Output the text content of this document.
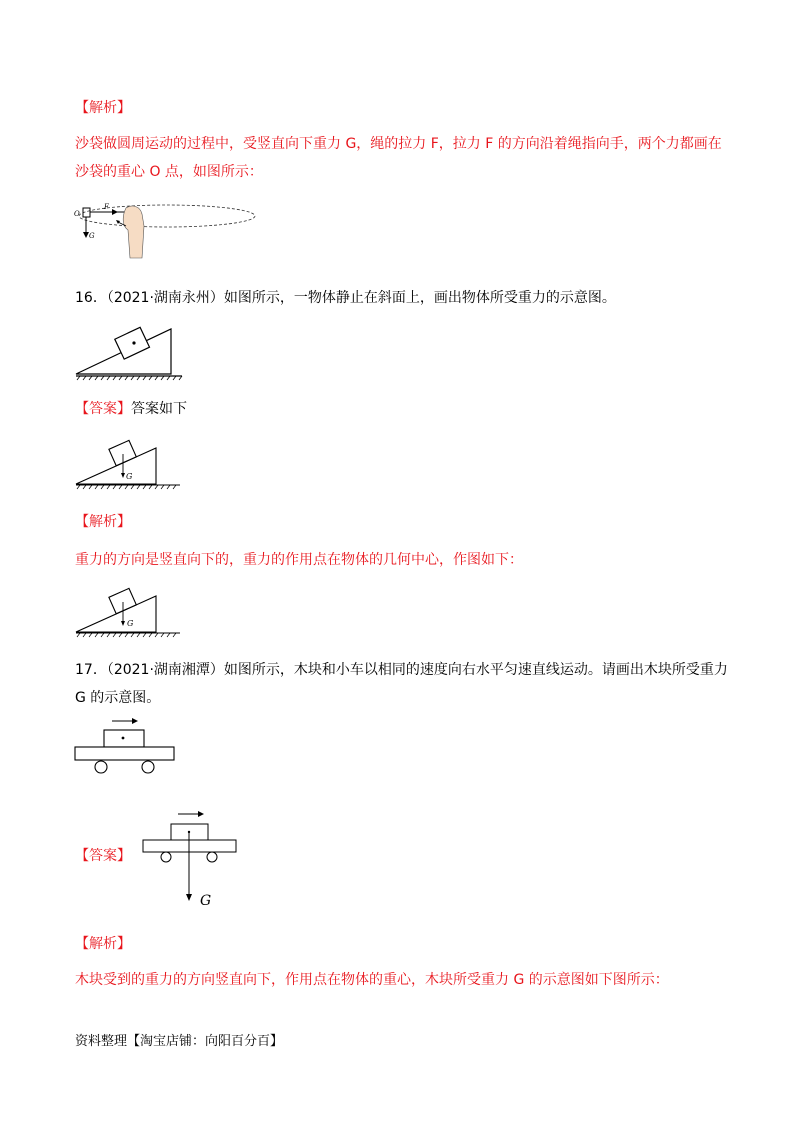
【解析】
沙袋做圆周运动的过程中，受竖直向下重力 G，绳的拉力 F，拉力 F 的方向沿着绳指向手，两个力都画在
沙袋的重心 O 点，如图所示：
O
F
G
16．（2021·湖南永州）如图所示，一物体静止在斜面上，画出物体所受重力的示意图。
【答案】答案如下
G
【解析】
重力的方向是竖直向下的，重力的作用点在物体的几何中心，作图如下：
G
17．（2021·湖南湘潭）如图所示，木块和小车以相同的速度向右水平匀速直线运动。请画出木块所受重力
G 的示意图。
【答案】
G
【解析】
木块受到的重力的方向竖直向下，作用点在物体的重心，木块所受重力 G 的示意图如下图所示：
资料整理【淘宝店铺：向阳百分百】
